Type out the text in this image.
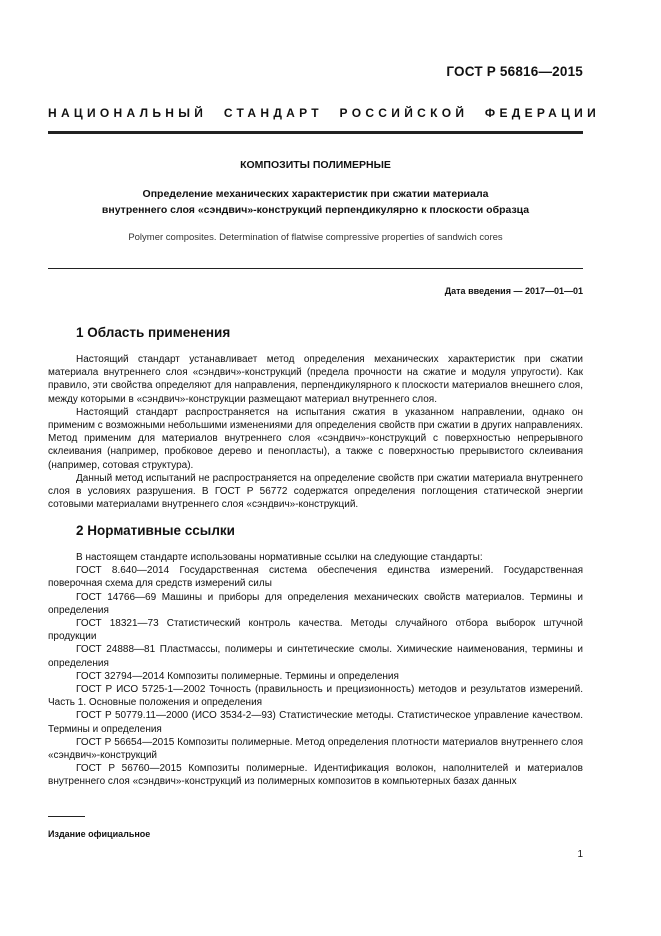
ГОСТ Р 56816—2015
НАЦИОНАЛЬНЫЙ СТАНДАРТ РОССИЙСКОЙ ФЕДЕРАЦИИ
КОМПОЗИТЫ ПОЛИМЕРНЫЕ
Определение механических характеристик при сжатии материала
внутреннего слоя «сэндвич»-конструкций перпендикулярно к плоскости образца
Polymer composites. Determination of flatwise compressive properties of sandwich cores
Дата введения — 2017—01—01
1 Область применения

Настоящий стандарт устанавливает метод определения механических характеристик при сжатии материала внутреннего слоя «сэндвич»-конструкций (предела прочности на сжатие и модуля упругости). Как правило, эти свойства определяют для направления, перпендикулярного к плоскости материалов внешнего слоя, между которыми в «сэндвич»-конструкции размещают материал внутреннего слоя.

Настоящий стандарт распространяется на испытания сжатия в указанном направлении, однако он применим с возможными небольшими изменениями для определения свойств при сжатии в других направлениях. Метод применим для материалов внутреннего слоя «сэндвич»-конструкций с поверхностью непрерывного склеивания (например, пробковое дерево и пенопласты), а также с поверхностью прерывистого склеивания (например, сотовая структура).

Данный метод испытаний не распространяется на определение свойств при сжатии материала внутреннего слоя в условиях разрушения. В ГОСТ Р 56772 содержатся определения поглощения статической энергии сотовыми материалами внутреннего слоя «сэндвич»-конструкций.

2 Нормативные ссылки

В настоящем стандарте использованы нормативные ссылки на следующие стандарты:

ГОСТ 8.640—2014 Государственная система обеспечения единства измерений. Государственная поверочная схема для средств измерений силы

ГОСТ 14766—69 Машины и приборы для определения механических свойств материалов. Термины и определения

ГОСТ 18321—73 Статистический контроль качества. Методы случайного отбора выборок штучной продукции

ГОСТ 24888—81 Пластмассы, полимеры и синтетические смолы. Химические наименования, термины и определения

ГОСТ 32794—2014 Композиты полимерные. Термины и определения

ГОСТ Р ИСО 5725-1—2002 Точность (правильность и прецизионность) методов и результатов измерений. Часть 1. Основные положения и определения

ГОСТ Р 50779.11—2000 (ИСО 3534-2—93) Статистические методы. Статистическое управление качеством. Термины и определения

ГОСТ Р 56654—2015 Композиты полимерные. Метод определения плотности материалов внутреннего слоя «сэндвич»-конструкций

ГОСТ Р 56760—2015 Композиты полимерные. Идентификация волокон, наполнителей и материалов внутреннего слоя «сэндвич»-конструкций из полимерных композитов в компьютерных базах данных

Издание официальное
1
